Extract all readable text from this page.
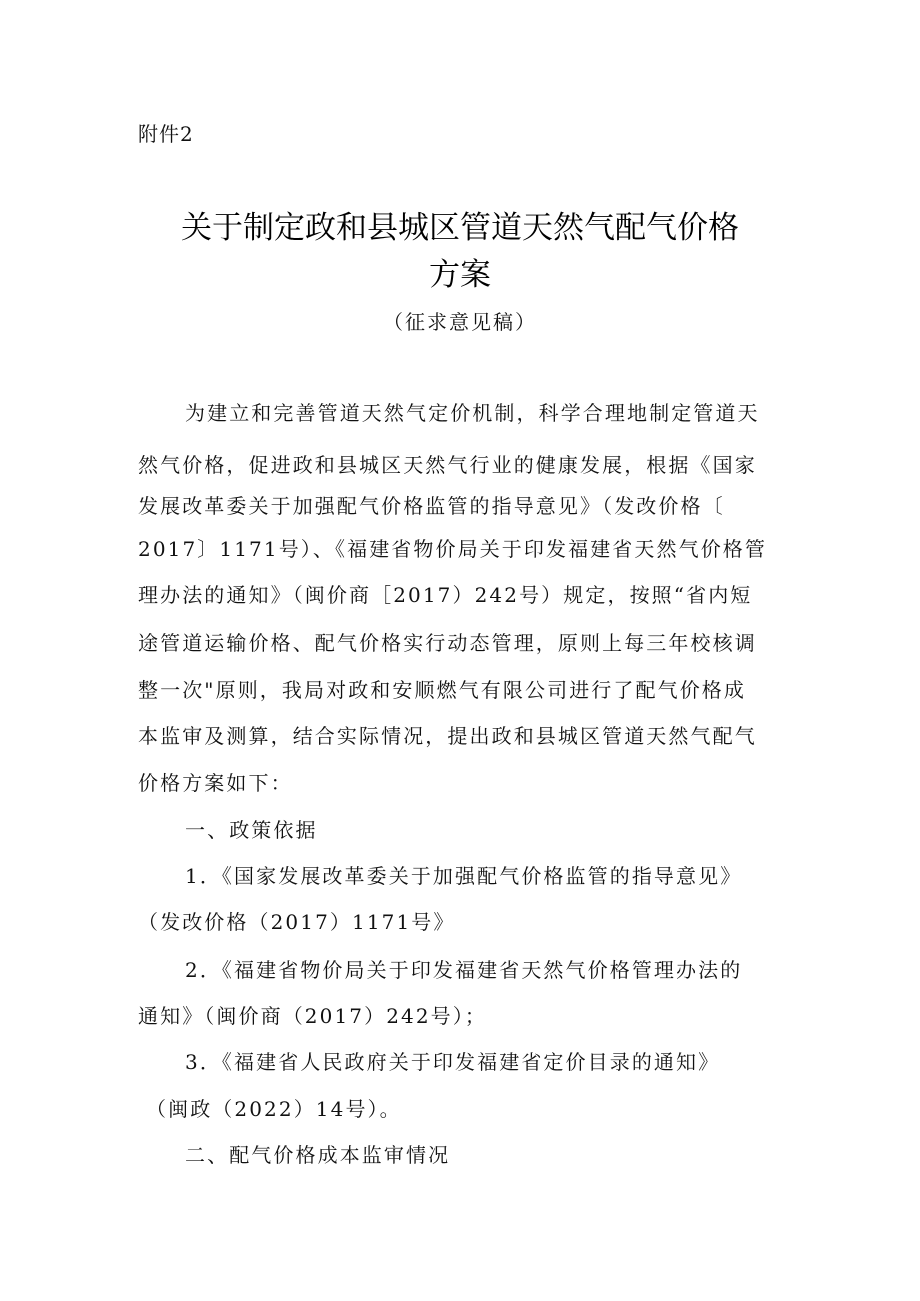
附件2
关于制定政和县城区管道天然气配气价格
方案
（征求意见稿）
为建立和完善管道天然气定价机制，科学合理地制定管道天
然气价格，促进政和县城区天然气行业的健康发展，根据《国家
发展改革委关于加强配气价格监管的指导意见》（发改价格〔
2017〕1171号）、《福建省物价局关于印发福建省天然气价格管
理办法的通知》（闽价商［2017）242号）规定，按照“省内短
途管道运输价格、配气价格实行动态管理，原则上每三年校核调
整一次"原则，我局对政和安顺燃气有限公司进行了配气价格成
本监审及测算，结合实际情况，提出政和县城区管道天然气配气
价格方案如下：
一、政策依据
1．《国家发展改革委关于加强配气价格监管的指导意见》
（发改价格（2017）1171号》
2．《福建省物价局关于印发福建省天然气价格管理办法的
通知》（闽价商（2017）242号）；
3．《福建省人民政府关于印发福建省定价目录的通知》
（闽政（2022）14号）。
二、配气价格成本监审情况
